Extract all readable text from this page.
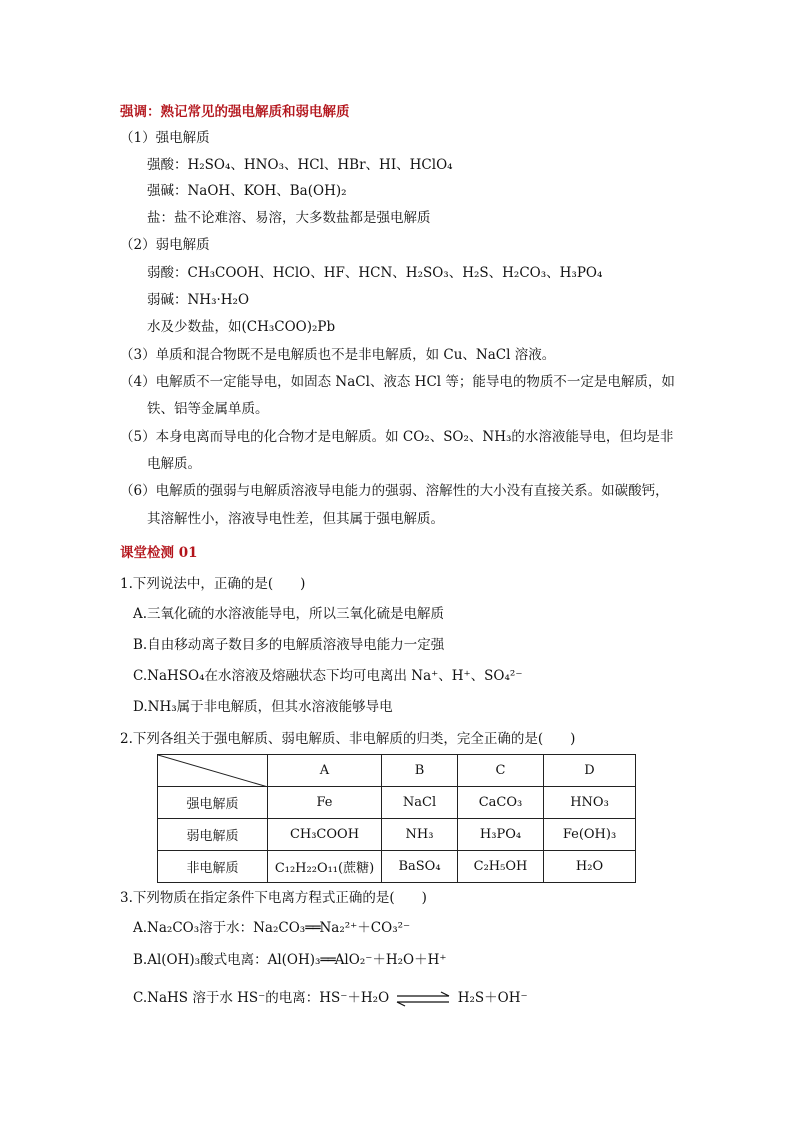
强调：熟记常见的强电解质和弱电解质
（1）强电解质
强酸：H₂SO₄、HNO₃、HCl、HBr、HI、HClO₄
强碱：NaOH、KOH、Ba(OH)₂
盐：盐不论难溶、易溶，大多数盐都是强电解质
（2）弱电解质
弱酸：CH₃COOH、HClO、HF、HCN、H₂SO₃、H₂S、H₂CO₃、H₃PO₄
弱碱：NH₃·H₂O
水及少数盐，如(CH₃COO)₂Pb
（3）单质和混合物既不是电解质也不是非电解质，如 Cu、NaCl 溶液。
（4）电解质不一定能导电，如固态 NaCl、液态 HCl 等；能导电的物质不一定是电解质，如
铁、铝等金属单质。
（5）本身电离而导电的化合物才是电解质。如 CO₂、SO₂、NH₃的水溶液能导电，但均是非
电解质。
（6）电解质的强弱与电解质溶液导电能力的强弱、溶解性的大小没有直接关系。如碳酸钙，
其溶解性小，溶液导电性差，但其属于强电解质。
课堂检测 01
1.下列说法中，正确的是(　　)
A.三氧化硫的水溶液能导电，所以三氧化硫是电解质
B.自由移动离子数目多的电解质溶液导电能力一定强
C.NaHSO₄在水溶液及熔融状态下均可电离出 Na⁺、H⁺、SO₄²⁻
D.NH₃属于非电解质，但其水溶液能够导电
2.下列各组关于强电解质、弱电解质、非电解质的归类，完全正确的是(　　)
	A	B	C	D
强电解质	Fe	NaCl	CaCO₃	HNO₃
弱电解质	CH₃COOH	NH₃	H₃PO₄	Fe(OH)₃
非电解质	C₁₂H₂₂O₁₁(蔗糖)	BaSO₄	C₂H₅OH	H₂O
3.下列物质在指定条件下电离方程式正确的是(　　)
A.Na₂CO₃溶于水：Na₂CO₃══Na₂²⁺＋CO₃²⁻
B.Al(OH)₃酸式电离：Al(OH)₃══AlO₂⁻＋H₂O＋H⁺
C.NaHS 溶于水 HS⁻的电离：HS⁻＋H₂O	H₂S＋OH⁻
